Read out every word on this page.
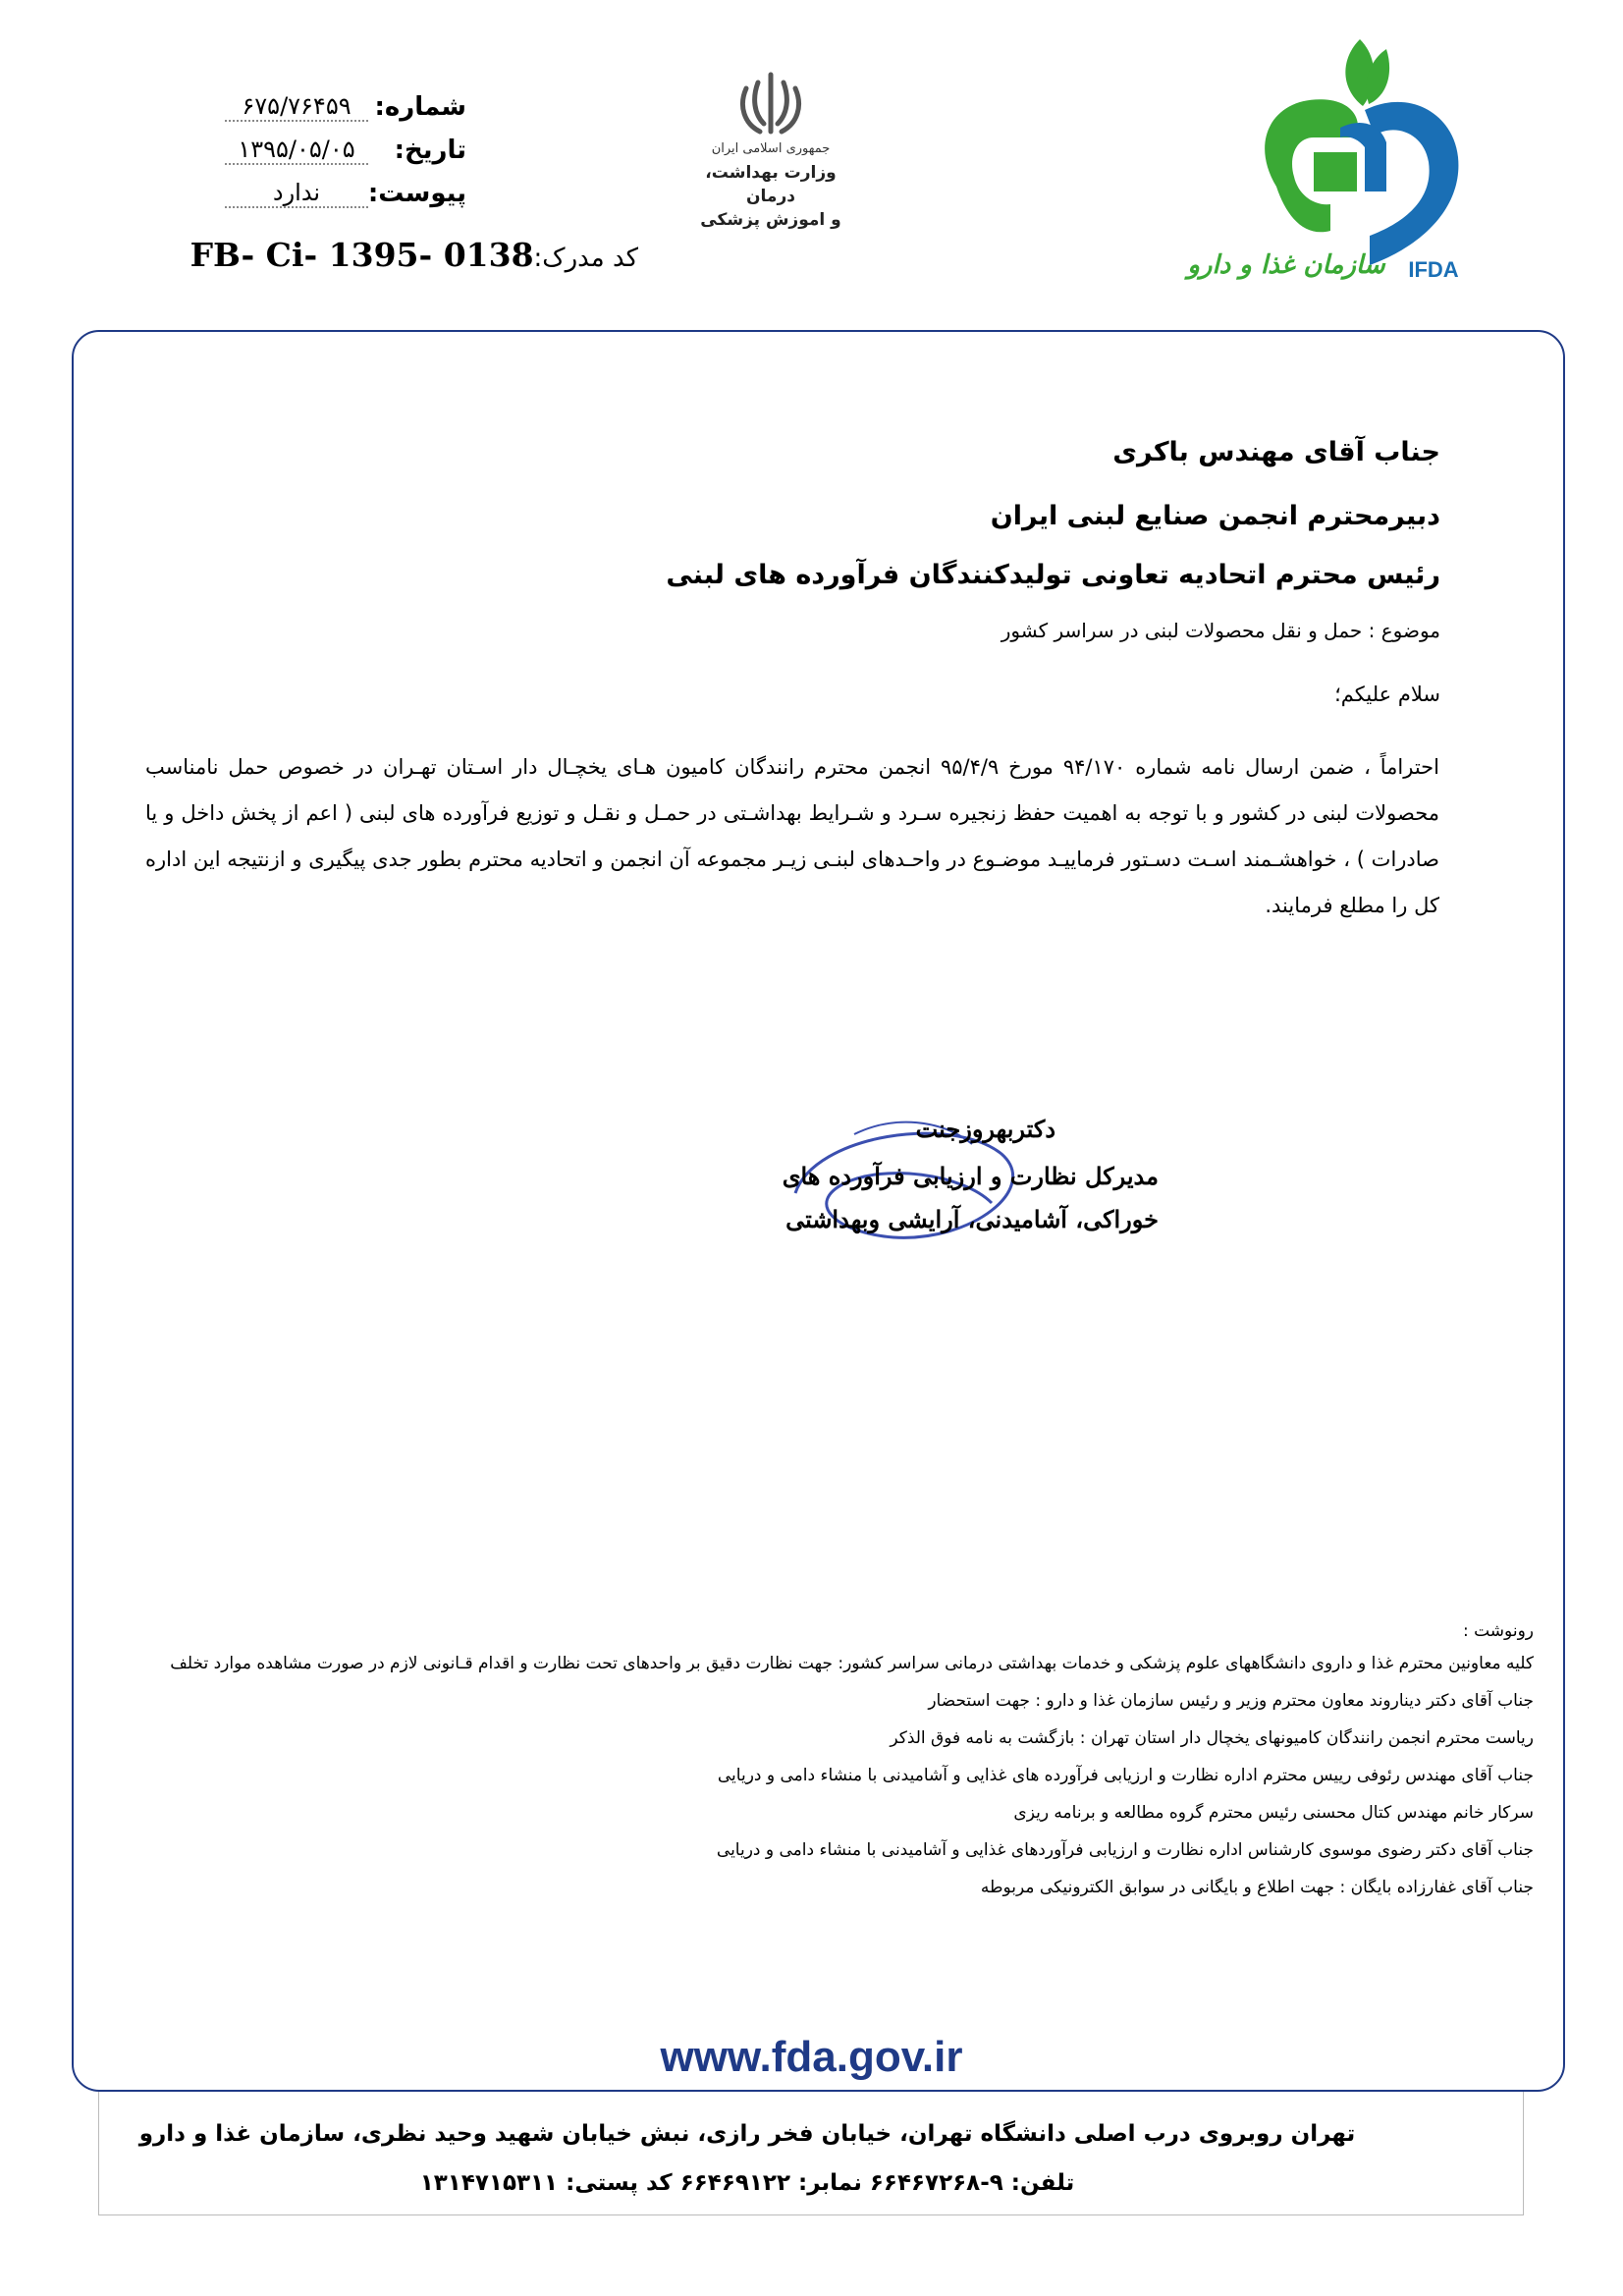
IFDA
سازمان غذا و دارو
جمهوری اسلامی ایران
وزارت بهداشت، درمان
و اموزش پزشکی
شماره:
۶۷۵/۷۶۴۵۹
تاریخ:
۱۳۹۵/۰۵/۰۵
پیوست:
ندارد
کد مدرک:FB- Ci- 1395- 0138
جناب آقای مهندس باکری
دبیرمحترم انجمن صنایع لبنی ایران
رئیس محترم اتحادیه تعاونی تولیدکنندگان فرآورده های لبنی
موضوع : حمل و نقل محصولات لبنی در سراسر کشور
سلام علیکم؛
احتراماً ، ضمن ارسال نامه شماره ۹۴/۱۷۰ مورخ ۹۵/۴/۹ انجمن محترم رانندگان کامیون هـای یخچـال دار اسـتان تهـران در خصوص حمل نامناسب محصولات لبنی در کشور و با توجه به اهمیت حفظ زنجیره سـرد و شـرایط بهداشـتی در حمـل و نقـل و توزیع فرآورده های لبنی ( اعم از پخش داخل و یا صادرات ) ، خواهشـمند اسـت دسـتور فرماییـد موضـوع در واحـدهای لبنـی زیـر مجموعه آن انجمن و اتحادیه محترم بطور جدی پیگیری و ازنتیجه این اداره کل را مطلع فرمایند.
دکتربهروزجنت
مدیرکل نظارت و ارزیابی فرآورده های
خوراکی، آشامیدنی، آرایشی وبهداشتی
رونوشت :
کلیه معاونین محترم غذا و داروی دانشگاههای علوم پزشکی و خدمات بهداشتی درمانی سراسر کشور: جهت نظارت دقیق بر واحدهای تحت نظارت و اقدام قـانونی لازم در صورت مشاهده موارد تخلف
جناب آقای دکتر دیناروند معاون محترم وزیر و رئیس سازمان غذا و دارو : جهت استحضار
ریاست محترم انجمن رانندگان کامیونهای یخچال دار استان تهران : بازگشت به نامه فوق الذکر
جناب آقای مهندس رئوفی رییس محترم اداره نظارت و ارزیابی فرآورده های غذایی و آشامیدنی با منشاء دامی و دریایی
سرکار خانم مهندس کتال محسنی رئیس محترم گروه مطالعه و برنامه ریزی
جناب آقای دکتر رضوی موسوی کارشناس اداره نظارت و ارزیابی فرآوردهای غذایی و آشامیدنی با منشاء دامی و دریایی
جناب آقای غفارزاده بایگان : جهت اطلاع و بایگانی در سوابق الکترونیکی مربوطه
www.fda.gov.ir
تهران روبروی درب اصلی دانشگاه تهران، خیابان فخر رازی، نبش خیابان شهید وحید نظری، سازمان غذا و دارو
تلفن: ۹-۶۶۴۶۷۲۶۸ نمابر: ۶۶۴۶۹۱۲۲ کد پستی: ۱۳۱۴۷۱۵۳۱۱
